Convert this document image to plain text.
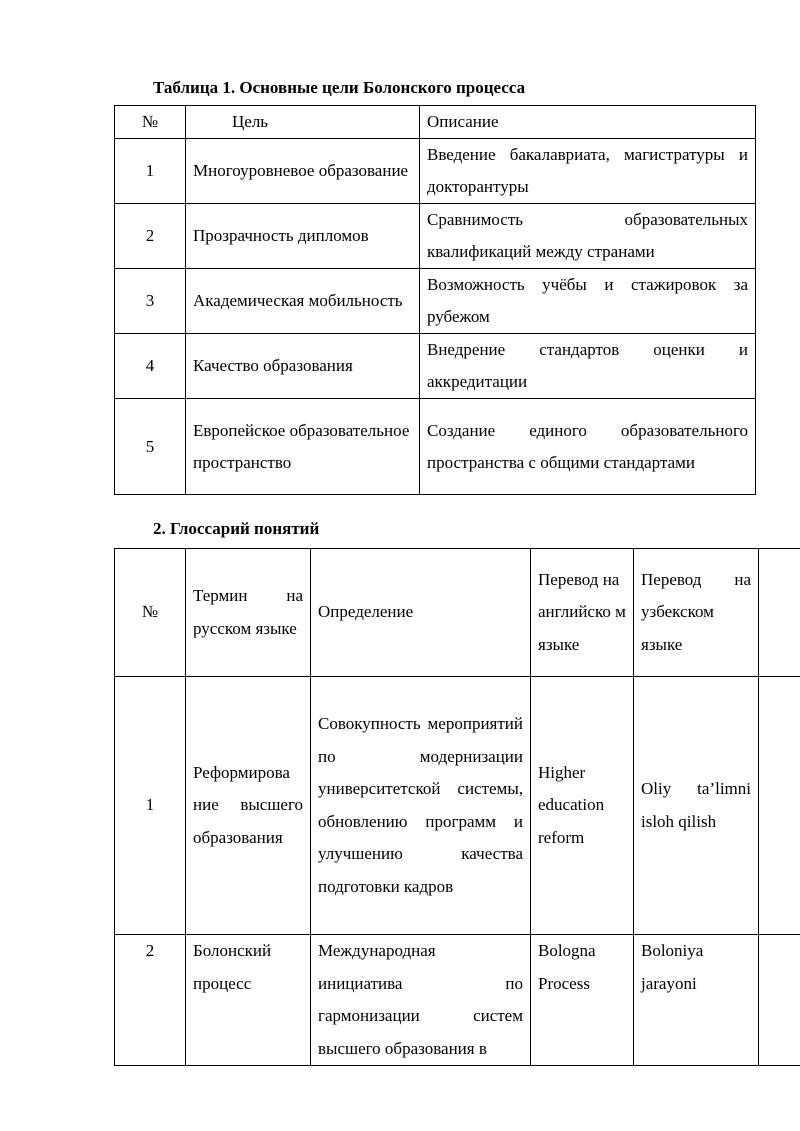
Таблица 1. Основные цели Болонского процесса
№	Цель	Описание
1	Многоуровневое образование	Введение бакалавриата, магистратуры и докторантуры
2	Прозрачность дипломов	Сравнимость образовательных квалификаций между странами
3	Академическая мобильность	Возможность учёбы и стажировок за рубежом
4	Качество образования	Внедрение стандартов оценки и аккредитации
5	Европейское образовательное пространство	Создание единого образовательного пространства с общими стандартами
2. Глоссарий понятий
№	Термин на русском языке	Определение	Перевод на английско м языке	Перевод на узбекском языке	
1	Реформирова ние высшего образования	Совокупность мероприятий по модернизации университетской системы, обновлению программ и улучшению качества подготовки кадров	Higher education reform	Oliy ta’limni isloh qilish	
2	Болонский процесс	Международная инициатива по гармонизации систем высшего образования в	Bologna Process	Boloniya jarayoni	
